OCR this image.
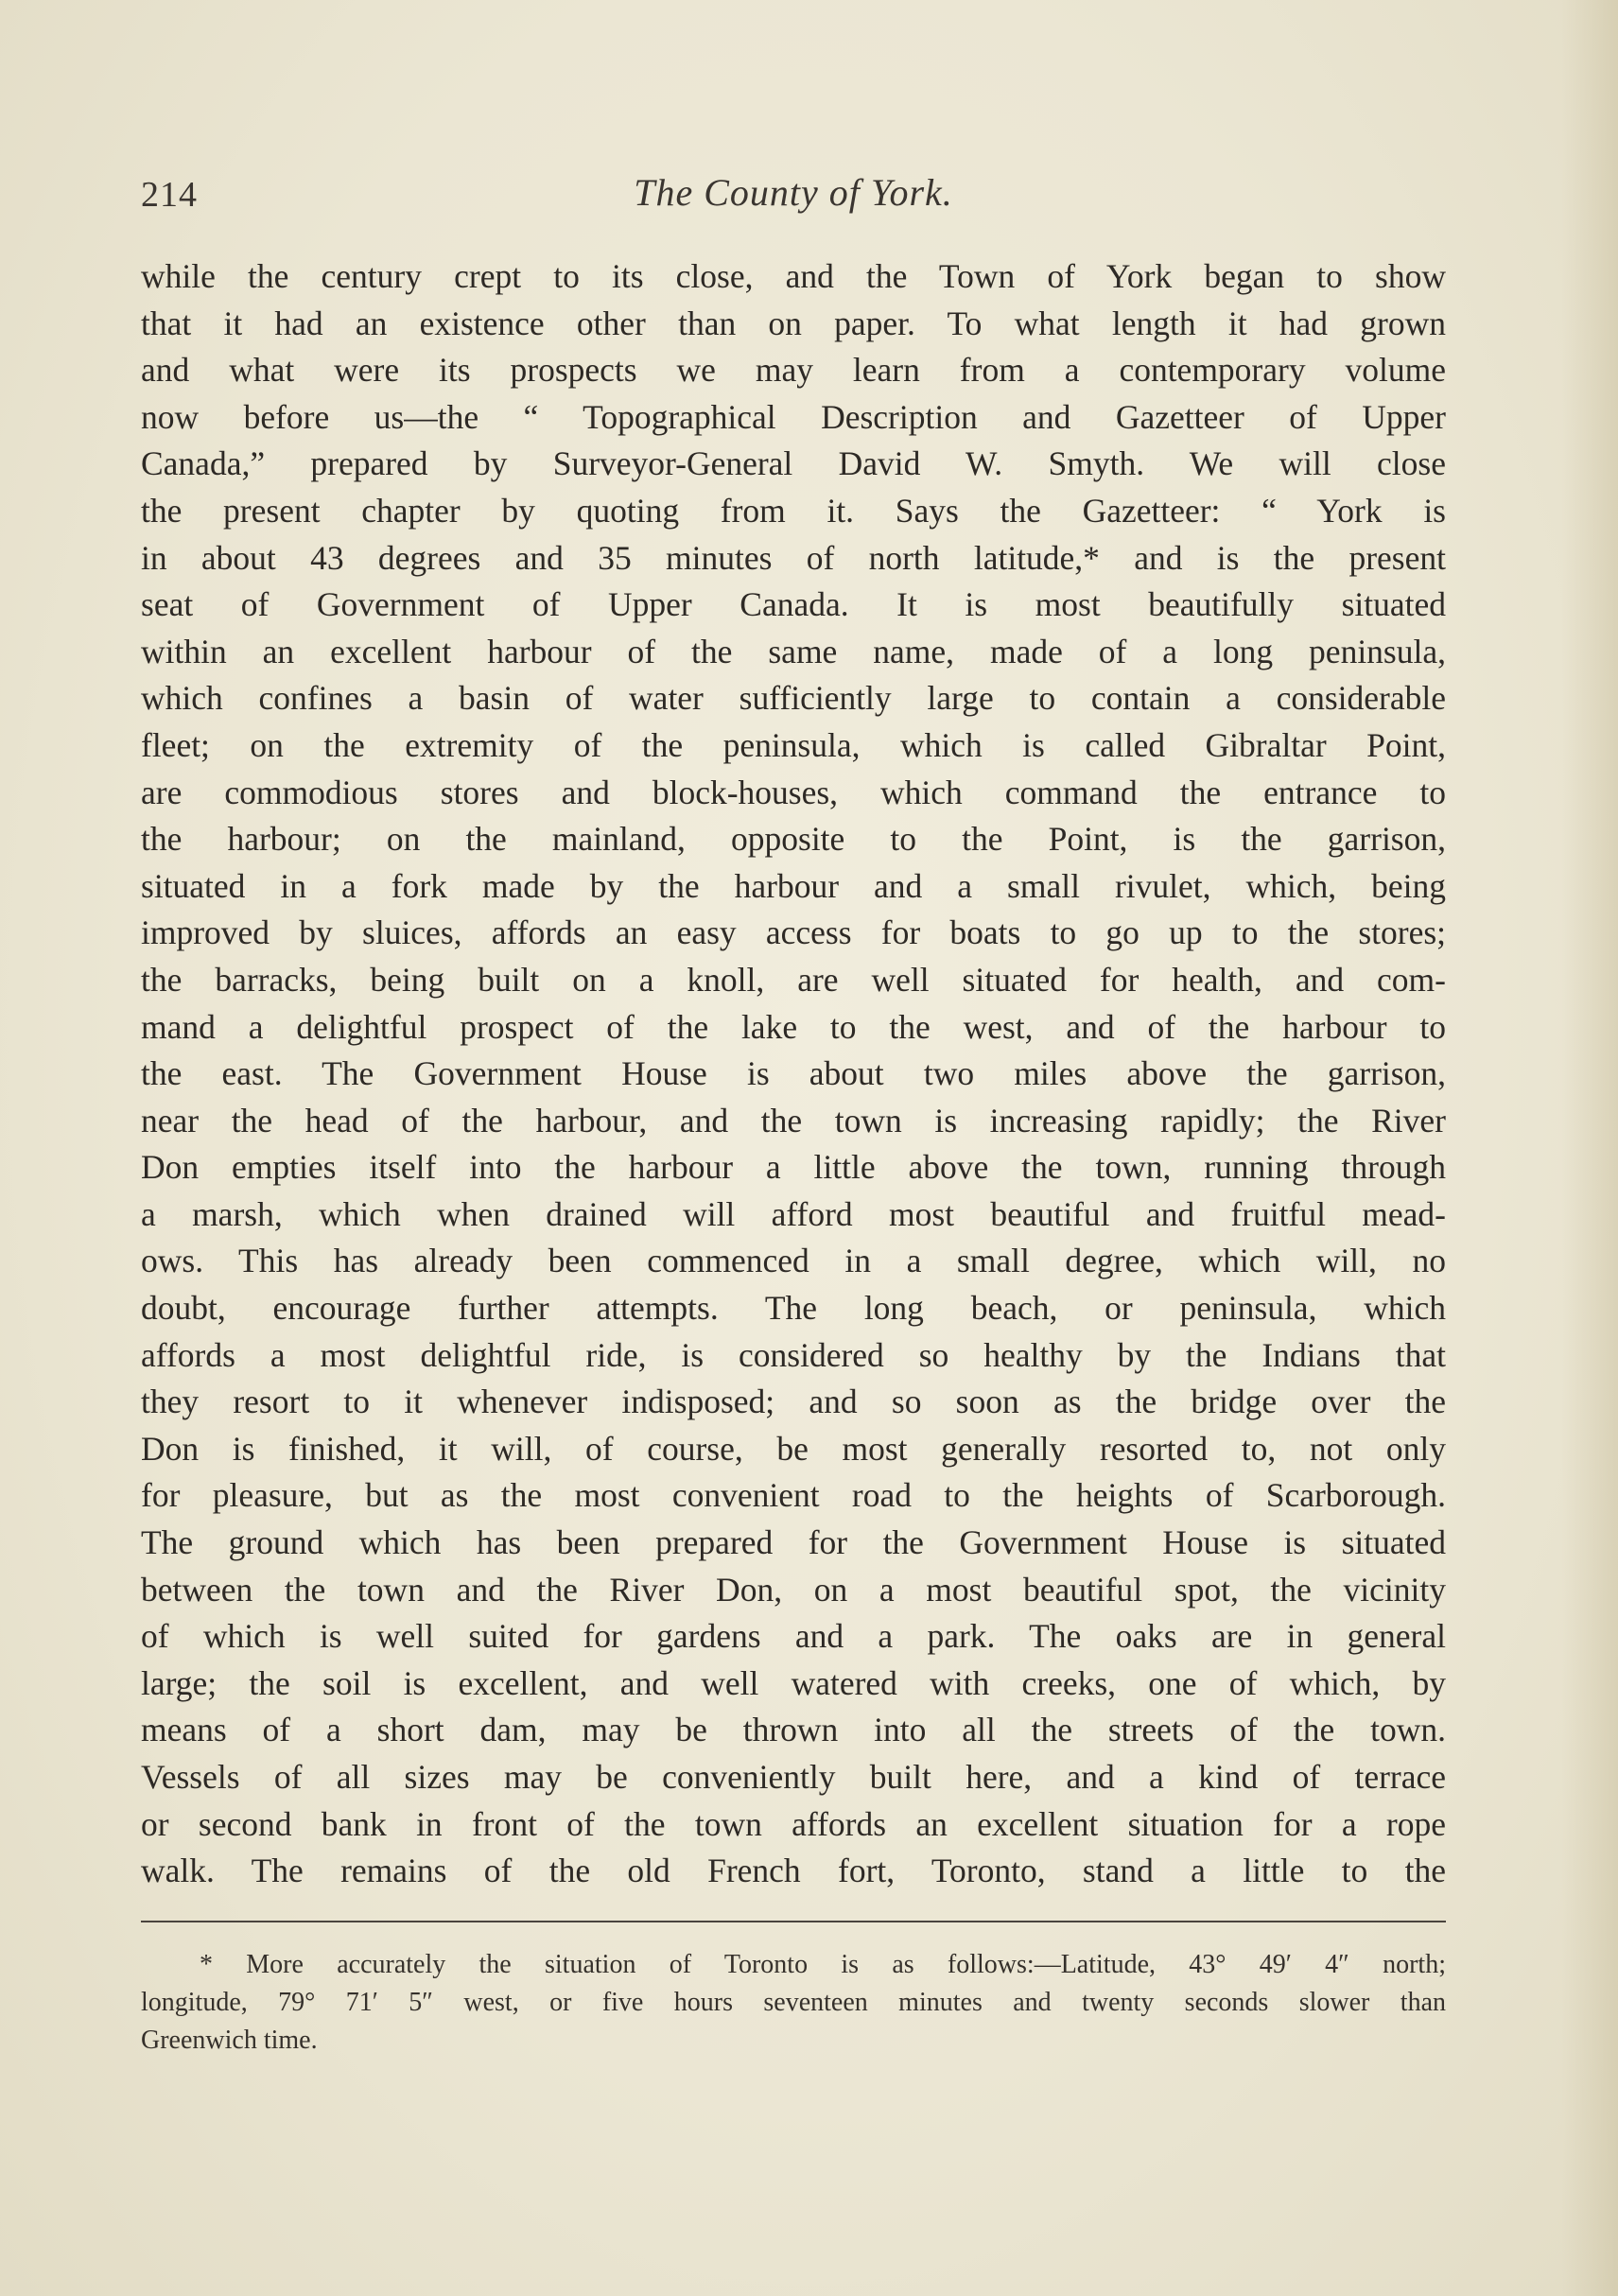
214	The County of York.
while the century crept to its close, and the Town of York began to show
that it had an existence other than on paper. To what length it had grown
and what were its prospects we may learn from a contemporary volume
now before us—the “ Topographical Description and Gazetteer of Upper
Canada,” prepared by Surveyor-General David W. Smyth. We will close
the present chapter by quoting from it. Says the Gazetteer: “ York is
in about 43 degrees and 35 minutes of north latitude,* and is the present
seat of Government of Upper Canada. It is most beautifully situated
within an excellent harbour of the same name, made of a long peninsula,
which confines a basin of water sufficiently large to contain a considerable
fleet; on the extremity of the peninsula, which is called Gibraltar Point,
are commodious stores and block-houses, which command the entrance to
the harbour; on the mainland, opposite to the Point, is the garrison,
situated in a fork made by the harbour and a small rivulet, which, being
improved by sluices, affords an easy access for boats to go up to the stores;
the barracks, being built on a knoll, are well situated for health, and com-
mand a delightful prospect of the lake to the west, and of the harbour to
the east. The Government House is about two miles above the garrison,
near the head of the harbour, and the town is increasing rapidly; the River
Don empties itself into the harbour a little above the town, running through
a marsh, which when drained will afford most beautiful and fruitful mead-
ows. This has already been commenced in a small degree, which will, no
doubt, encourage further attempts. The long beach, or peninsula, which
affords a most delightful ride, is considered so healthy by the Indians that
they resort to it whenever indisposed; and so soon as the bridge over the
Don is finished, it will, of course, be most generally resorted to, not only
for pleasure, but as the most convenient road to the heights of Scarborough.
The ground which has been prepared for the Government House is situated
between the town and the River Don, on a most beautiful spot, the vicinity
of which is well suited for gardens and a park. The oaks are in general
large; the soil is excellent, and well watered with creeks, one of which, by
means of a short dam, may be thrown into all the streets of the town.
Vessels of all sizes may be conveniently built here, and a kind of terrace
or second bank in front of the town affords an excellent situation for a rope
walk. The remains of the old French fort, Toronto, stand a little to the
* More accurately the situation of Toronto is as follows:—Latitude, 43° 49′ 4″ north;
longitude, 79° 71′ 5″ west, or five hours seventeen minutes and twenty seconds slower than
Greenwich time.
